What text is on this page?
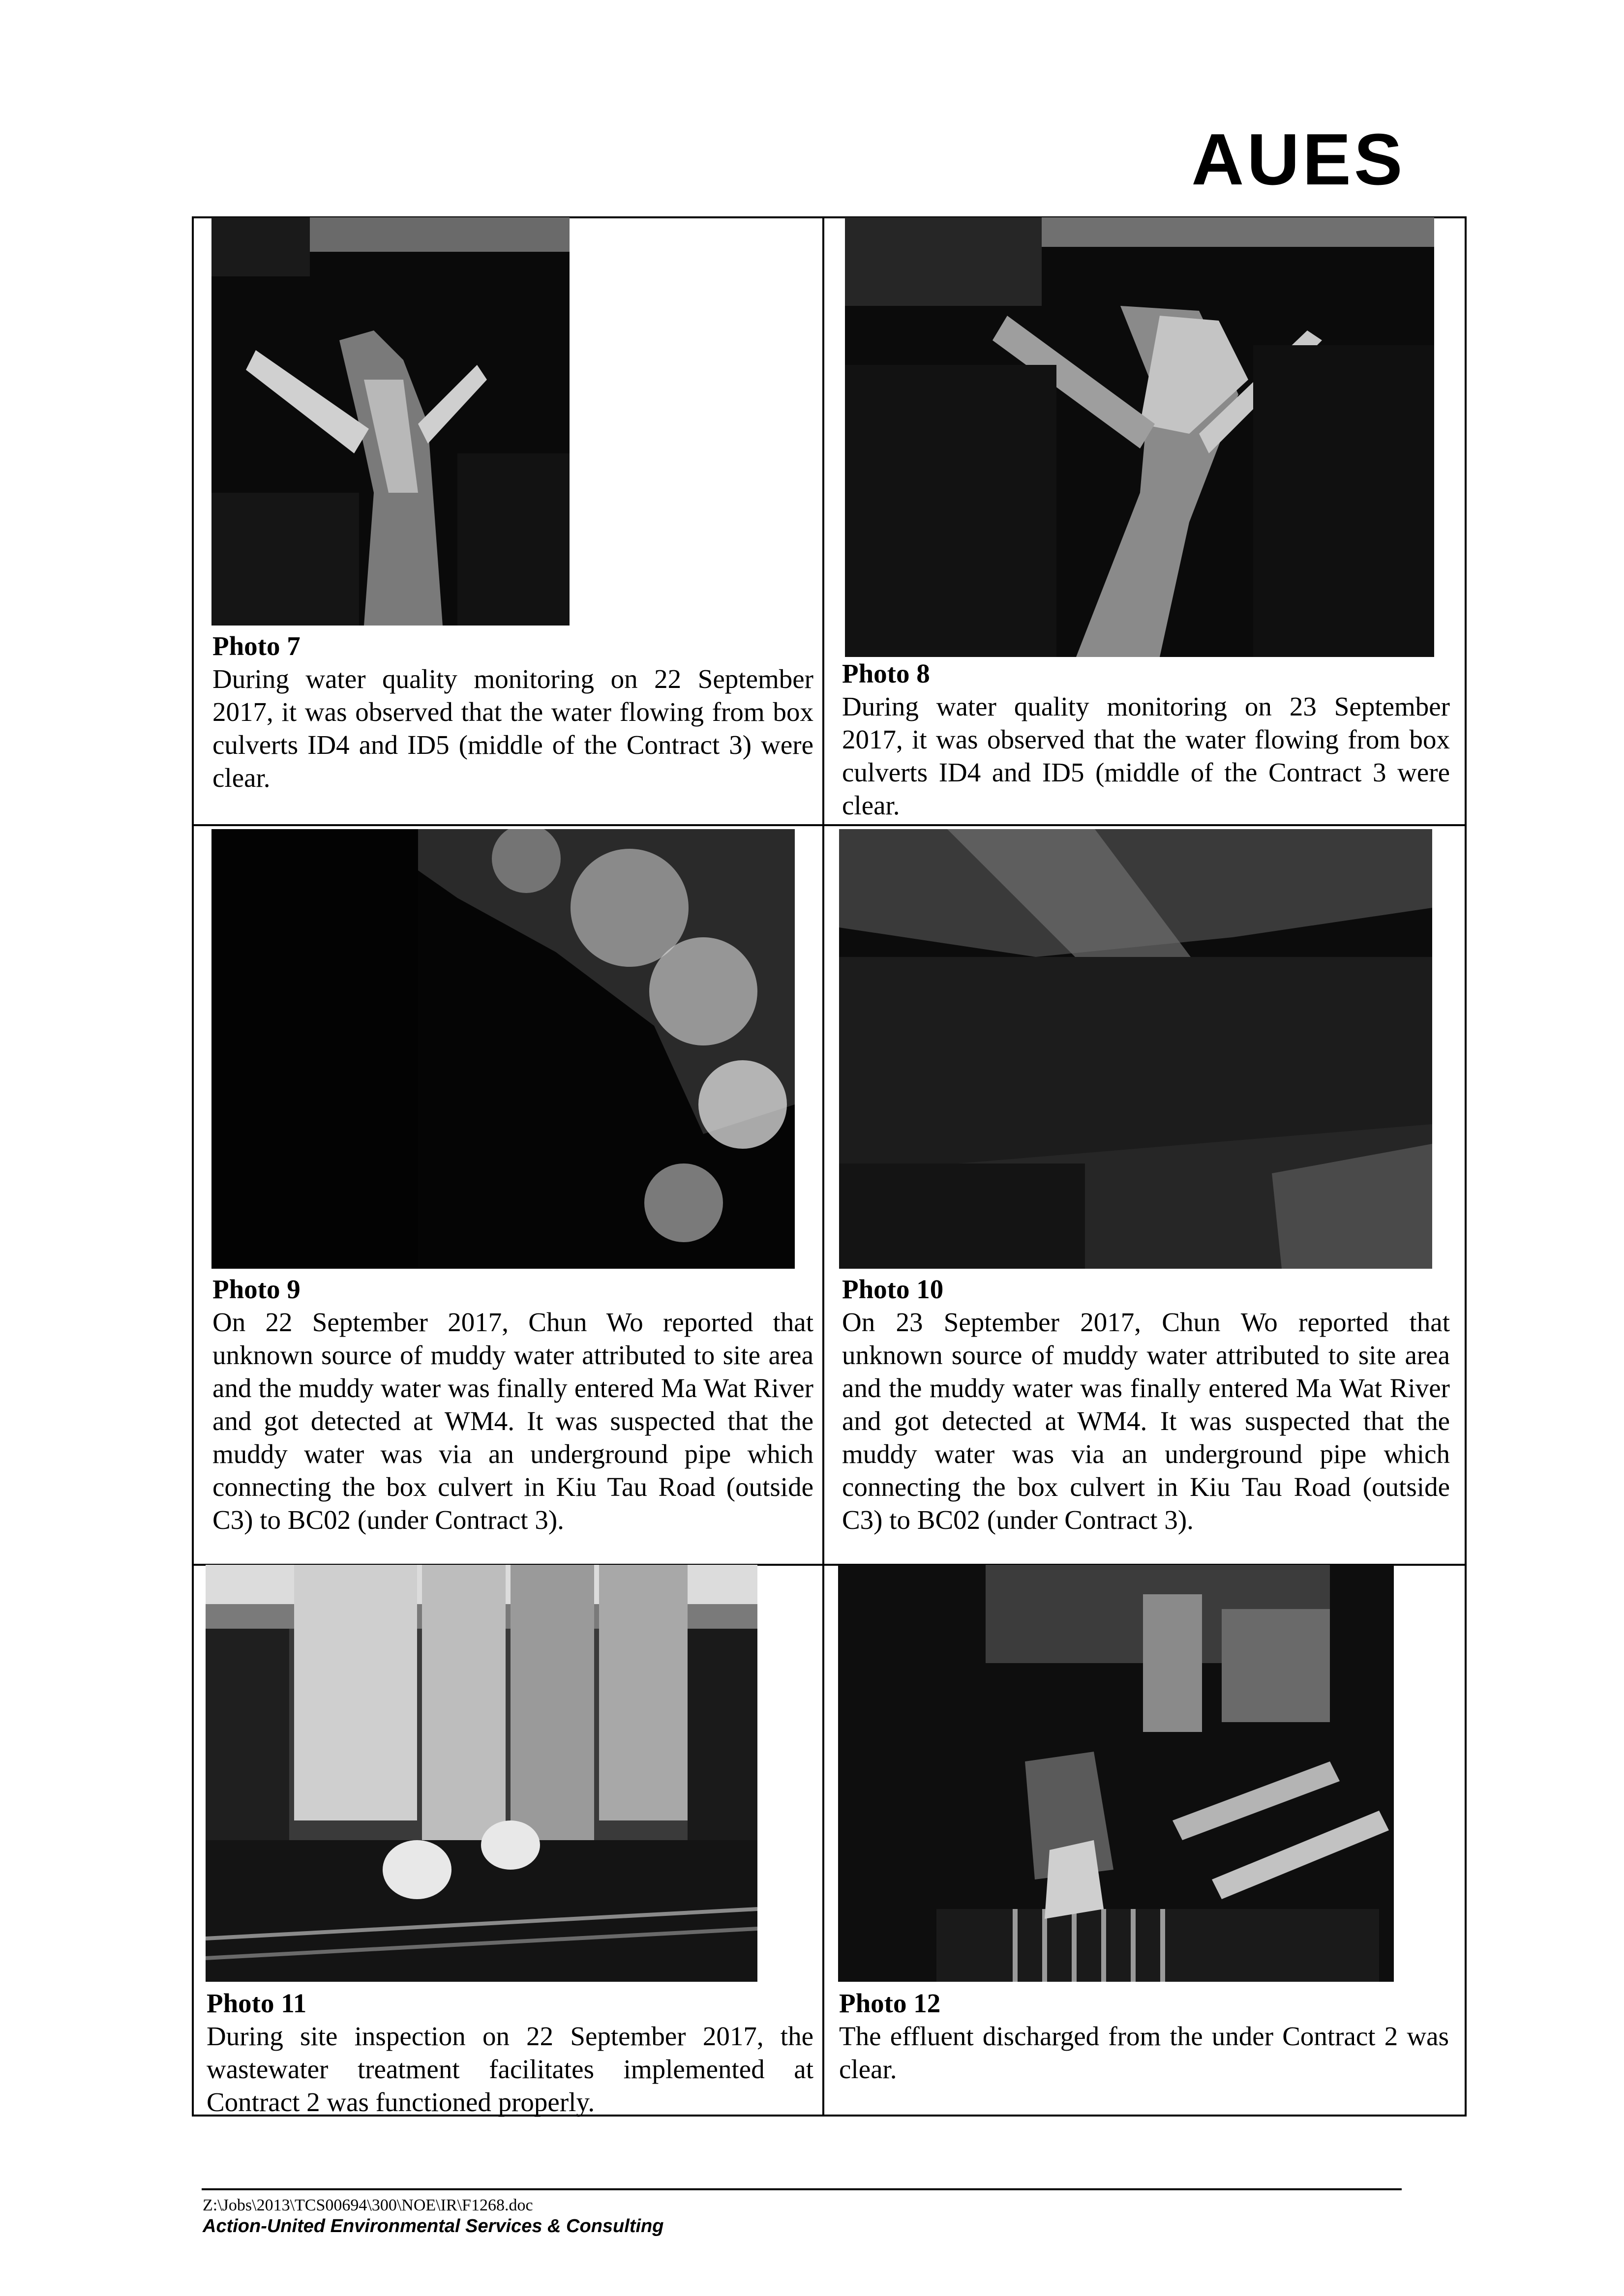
AUES
Photo 7
During water quality monitoring on 22 September 2017, it was observed that the water flowing from box culverts ID4 and ID5 (middle of the Contract 3) were clear.
Photo 8
During water quality monitoring on 23 September 2017, it was observed that the water flowing from box culverts ID4 and ID5 (middle of the Contract 3 were clear.
Photo 9
On 22 September 2017, Chun Wo reported that unknown source of muddy water attributed to site area and the muddy water was finally entered Ma Wat River and got detected at WM4. It was suspected that the muddy water was via an underground pipe which connecting the box culvert in Kiu Tau Road (outside C3) to BC02 (under Contract 3).
Photo 10
On 23 September 2017, Chun Wo reported that unknown source of muddy water attributed to site area and the muddy water was finally entered Ma Wat River and got detected at WM4. It was suspected that the muddy water was via an underground pipe which connecting the box culvert in Kiu Tau Road (outside C3) to BC02 (under Contract 3).
Photo 11
During site inspection on 22 September 2017, the wastewater treatment facilitates implemented at Contract 2 was functioned properly.
Photo 12
The effluent discharged from the under Contract 2 was clear.
Z:\Jobs\2013\TCS00694\300\NOE\IR\F1268.doc
Action-United Environmental Services & Consulting
